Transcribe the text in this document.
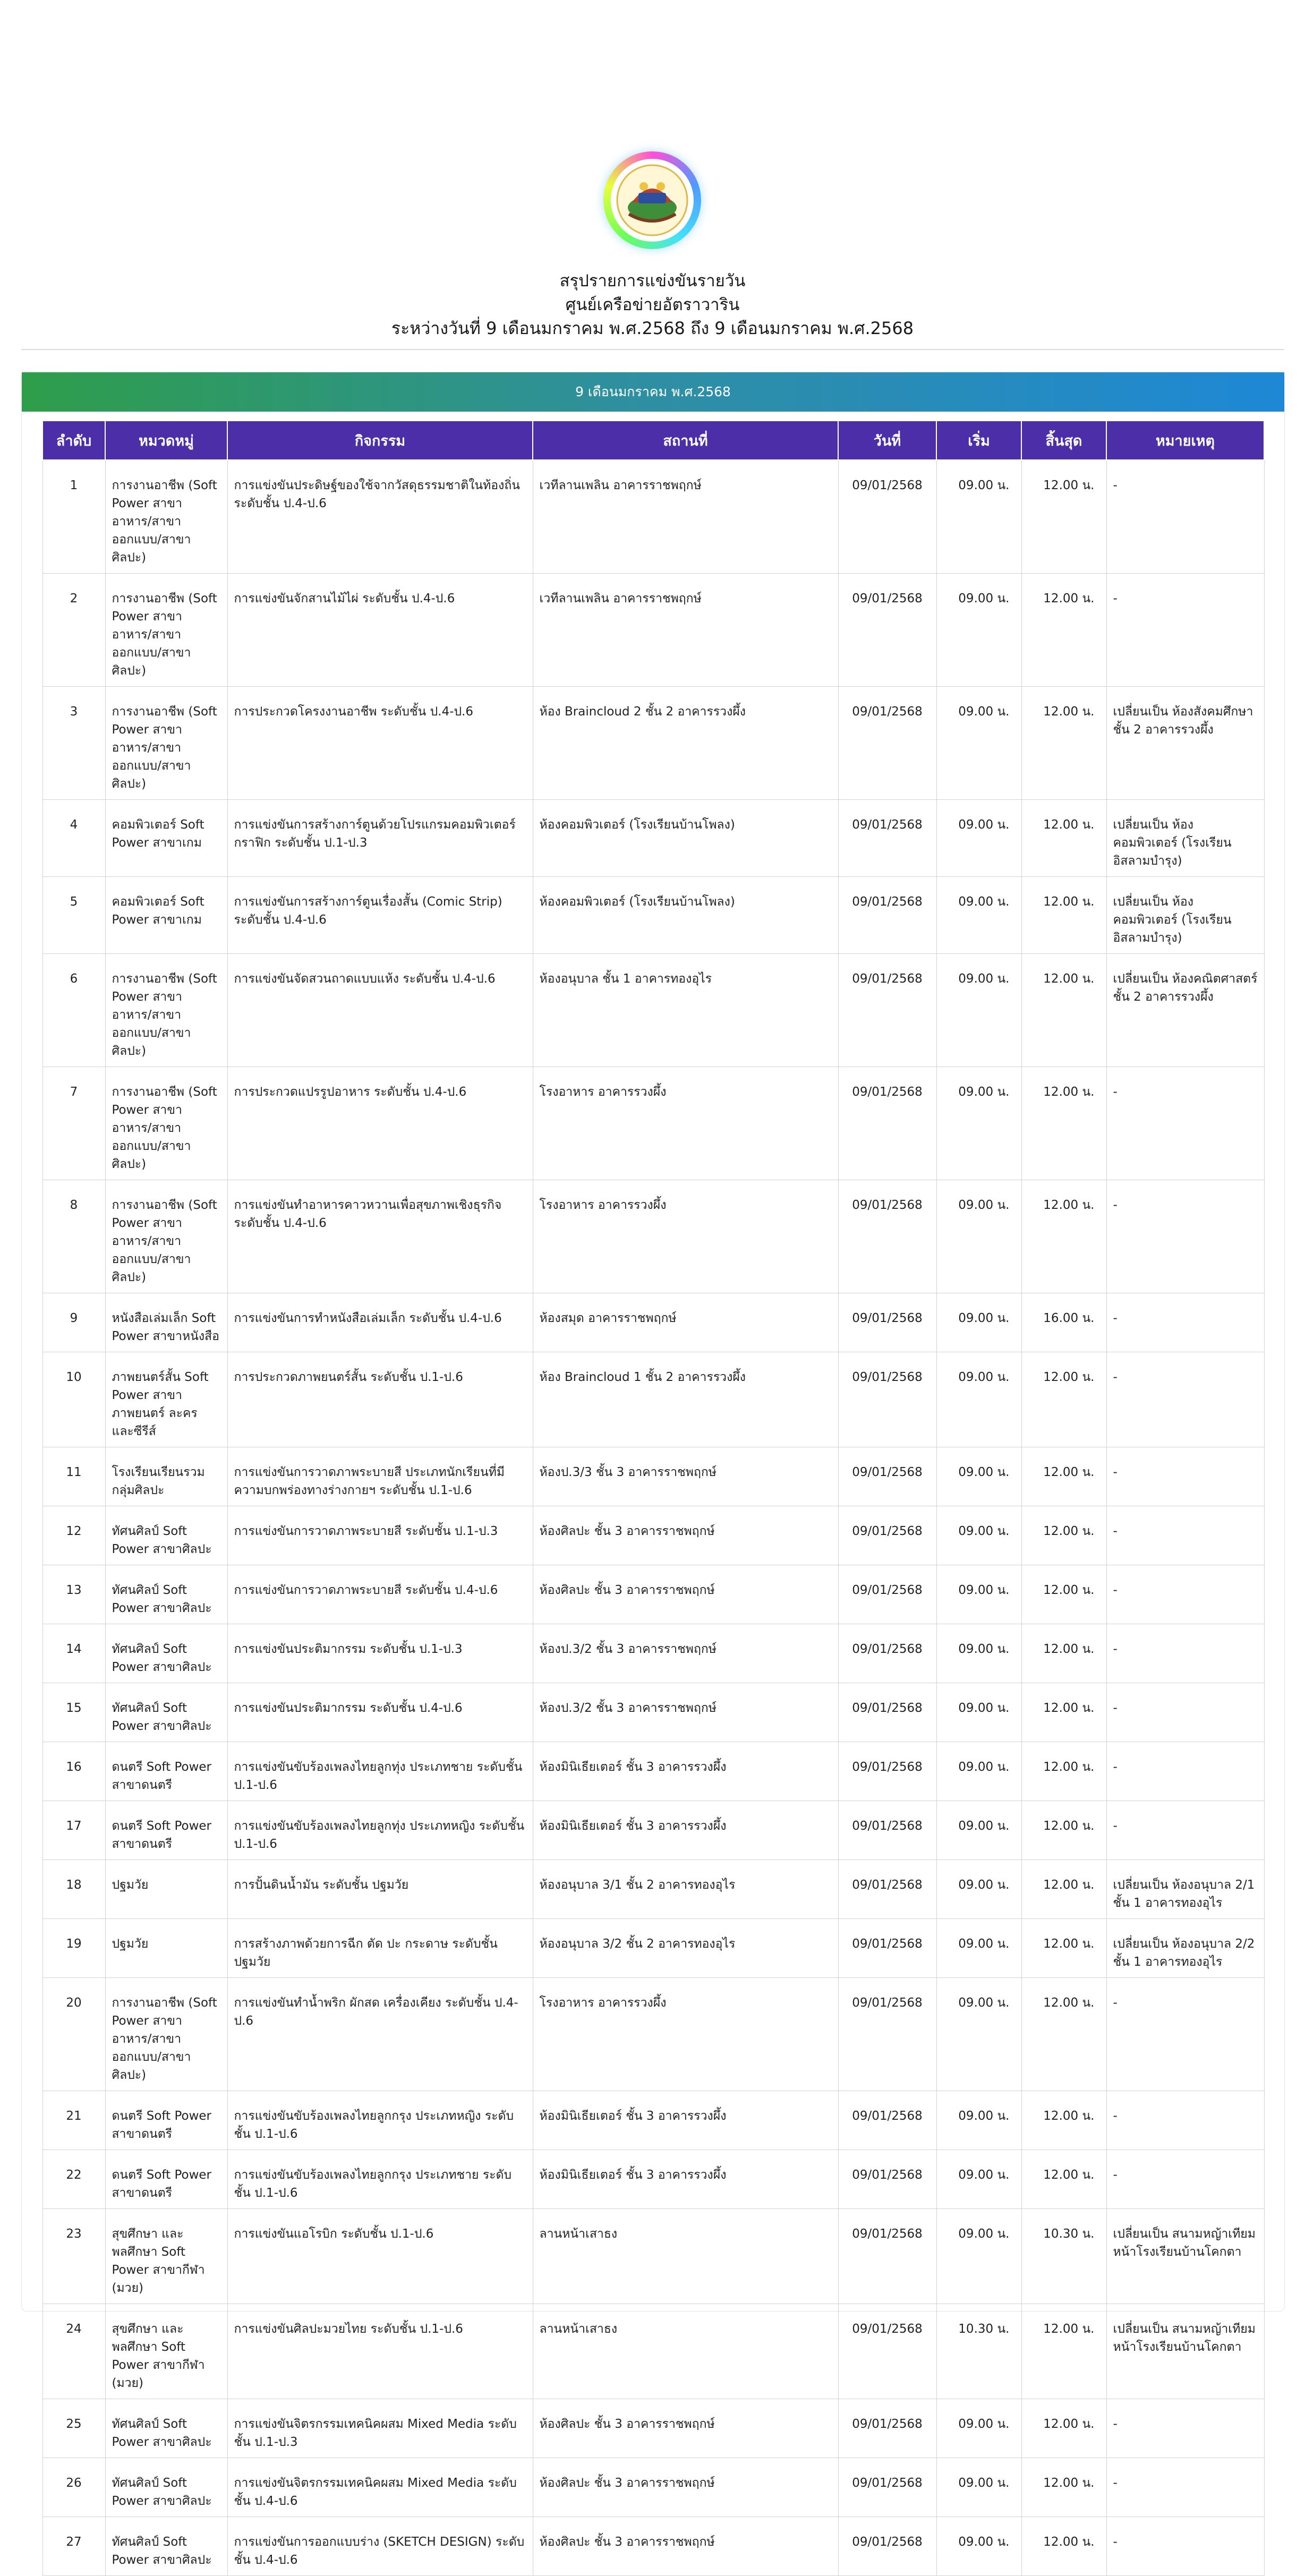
สรุปรายการแข่งขันรายวัน
ศูนย์เครือข่ายอัตราวาริน
ระหว่างวันที่ 9 เดือนมกราคม พ.ศ.2568 ถึง 9 เดือนมกราคม พ.ศ.2568
9 เดือนมกราคม พ.ศ.2568
ลำดับ	หมวดหมู่	กิจกรรม	สถานที่	วันที่	เริ่ม	สิ้นสุด	หมายเหตุ
1	การงานอาชีพ (Soft Power สาขาอาหาร/สาขาออกแบบ/สาขาศิลปะ)	การแข่งขันประดิษฐ์ของใช้จากวัสดุธรรมชาติในท้องถิ่น ระดับชั้น ป.4-ป.6	เวทีลานเพลิน อาคารราชพฤกษ์	09/01/2568	09.00 น.	12.00 น.	-
2	การงานอาชีพ (Soft Power สาขาอาหาร/สาขาออกแบบ/สาขาศิลปะ)	การแข่งขันจักสานไม้ไผ่ ระดับชั้น ป.4-ป.6	เวทีลานเพลิน อาคารราชพฤกษ์	09/01/2568	09.00 น.	12.00 น.	-
3	การงานอาชีพ (Soft Power สาขาอาหาร/สาขาออกแบบ/สาขาศิลปะ)	การประกวดโครงงานอาชีพ ระดับชั้น ป.4-ป.6	ห้อง Braincloud 2 ชั้น 2 อาคารรวงผึ้ง	09/01/2568	09.00 น.	12.00 น.	เปลี่ยนเป็น ห้องสังคมศึกษา ชั้น 2 อาคารรวงผึ้ง
4	คอมพิวเตอร์ Soft Power สาขาเกม	การแข่งขันการสร้างการ์ตูนด้วยโปรแกรมคอมพิวเตอร์กราฟิก ระดับชั้น ป.1-ป.3	ห้องคอมพิวเตอร์ (โรงเรียนบ้านโพลง)	09/01/2568	09.00 น.	12.00 น.	เปลี่ยนเป็น ห้องคอมพิวเตอร์ (โรงเรียนอิสลามบำรุง)
5	คอมพิวเตอร์ Soft Power สาขาเกม	การแข่งขันการสร้างการ์ตูนเรื่องสั้น (Comic Strip) ระดับชั้น ป.4-ป.6	ห้องคอมพิวเตอร์ (โรงเรียนบ้านโพลง)	09/01/2568	09.00 น.	12.00 น.	เปลี่ยนเป็น ห้องคอมพิวเตอร์ (โรงเรียนอิสลามบำรุง)
6	การงานอาชีพ (Soft Power สาขาอาหาร/สาขาออกแบบ/สาขาศิลปะ)	การแข่งขันจัดสวนถาดแบบแห้ง ระดับชั้น ป.4-ป.6	ห้องอนุบาล ชั้น 1 อาคารทองอุไร	09/01/2568	09.00 น.	12.00 น.	เปลี่ยนเป็น ห้องคณิตศาสตร์ ชั้น 2 อาคารรวงผึ้ง
7	การงานอาชีพ (Soft Power สาขาอาหาร/สาขาออกแบบ/สาขาศิลปะ)	การประกวดแปรรูปอาหาร ระดับชั้น ป.4-ป.6	โรงอาหาร อาคารรวงผึ้ง	09/01/2568	09.00 น.	12.00 น.	-
8	การงานอาชีพ (Soft Power สาขาอาหาร/สาขาออกแบบ/สาขาศิลปะ)	การแข่งขันทำอาหารคาวหวานเพื่อสุขภาพเชิงธุรกิจ ระดับชั้น ป.4-ป.6	โรงอาหาร อาคารรวงผึ้ง	09/01/2568	09.00 น.	12.00 น.	-
9	หนังสือเล่มเล็ก Soft Power สาขาหนังสือ	การแข่งขันการทำหนังสือเล่มเล็ก ระดับชั้น ป.4-ป.6	ห้องสมุด อาคารราชพฤกษ์	09/01/2568	09.00 น.	16.00 น.	-
10	ภาพยนตร์สั้น Soft Power สาขาภาพยนตร์ ละคร และซีรีส์	การประกวดภาพยนตร์สั้น ระดับชั้น ป.1-ป.6	ห้อง Braincloud 1 ชั้น 2 อาคารรวงผึ้ง	09/01/2568	09.00 น.	12.00 น.	-
11	โรงเรียนเรียนรวม กลุ่มศิลปะ	การแข่งขันการวาดภาพระบายสี ประเภทนักเรียนที่มีความบกพร่องทางร่างกายฯ ระดับชั้น ป.1-ป.6	ห้องป.3/3 ชั้น 3 อาคารราชพฤกษ์	09/01/2568	09.00 น.	12.00 น.	-
12	ทัศนศิลป์ Soft Power สาขาศิลปะ	การแข่งขันการวาดภาพระบายสี ระดับชั้น ป.1-ป.3	ห้องศิลปะ ชั้น 3 อาคารราชพฤกษ์	09/01/2568	09.00 น.	12.00 น.	-
13	ทัศนศิลป์ Soft Power สาขาศิลปะ	การแข่งขันการวาดภาพระบายสี ระดับชั้น ป.4-ป.6	ห้องศิลปะ ชั้น 3 อาคารราชพฤกษ์	09/01/2568	09.00 น.	12.00 น.	-
14	ทัศนศิลป์ Soft Power สาขาศิลปะ	การแข่งขันประติมากรรม ระดับชั้น ป.1-ป.3	ห้องป.3/2 ชั้น 3 อาคารราชพฤกษ์	09/01/2568	09.00 น.	12.00 น.	-
15	ทัศนศิลป์ Soft Power สาขาศิลปะ	การแข่งขันประติมากรรม ระดับชั้น ป.4-ป.6	ห้องป.3/2 ชั้น 3 อาคารราชพฤกษ์	09/01/2568	09.00 น.	12.00 น.	-
16	ดนตรี Soft Power สาขาดนตรี	การแข่งขันขับร้องเพลงไทยลูกทุ่ง ประเภทชาย ระดับชั้น ป.1-ป.6	ห้องมินิเธียเตอร์ ชั้น 3 อาคารรวงผึ้ง	09/01/2568	09.00 น.	12.00 น.	-
17	ดนตรี Soft Power สาขาดนตรี	การแข่งขันขับร้องเพลงไทยลูกทุ่ง ประเภทหญิง ระดับชั้น ป.1-ป.6	ห้องมินิเธียเตอร์ ชั้น 3 อาคารรวงผึ้ง	09/01/2568	09.00 น.	12.00 น.	-
18	ปฐมวัย	การปั้นดินน้ำมัน ระดับชั้น ปฐมวัย	ห้องอนุบาล 3/1 ชั้น 2 อาคารทองอุไร	09/01/2568	09.00 น.	12.00 น.	เปลี่ยนเป็น ห้องอนุบาล 2/1 ชั้น 1 อาคารทองอุไร
19	ปฐมวัย	การสร้างภาพด้วยการฉีก ตัด ปะ กระดาษ ระดับชั้น ปฐมวัย	ห้องอนุบาล 3/2 ชั้น 2 อาคารทองอุไร	09/01/2568	09.00 น.	12.00 น.	เปลี่ยนเป็น ห้องอนุบาล 2/2 ชั้น 1 อาคารทองอุไร
20	การงานอาชีพ (Soft Power สาขาอาหาร/สาขาออกแบบ/สาขาศิลปะ)	การแข่งขันทำน้ำพริก ผักสด เครื่องเคียง ระดับชั้น ป.4-ป.6	โรงอาหาร อาคารรวงผึ้ง	09/01/2568	09.00 น.	12.00 น.	-
21	ดนตรี Soft Power สาขาดนตรี	การแข่งขันขับร้องเพลงไทยลูกกรุง ประเภทหญิง ระดับชั้น ป.1-ป.6	ห้องมินิเธียเตอร์ ชั้น 3 อาคารรวงผึ้ง	09/01/2568	09.00 น.	12.00 น.	-
22	ดนตรี Soft Power สาขาดนตรี	การแข่งขันขับร้องเพลงไทยลูกกรุง ประเภทชาย ระดับชั้น ป.1-ป.6	ห้องมินิเธียเตอร์ ชั้น 3 อาคารรวงผึ้ง	09/01/2568	09.00 น.	12.00 น.	-
23	สุขศึกษา และพลศึกษา Soft Power สาขากีฬา (มวย)	การแข่งขันแอโรบิก ระดับชั้น ป.1-ป.6	ลานหน้าเสาธง	09/01/2568	09.00 น.	10.30 น.	เปลี่ยนเป็น สนามหญ้าเทียม หน้าโรงเรียนบ้านโคกตา
24	สุขศึกษา และพลศึกษา Soft Power สาขากีฬา (มวย)	การแข่งขันศิลปะมวยไทย ระดับชั้น ป.1-ป.6	ลานหน้าเสาธง	09/01/2568	10.30 น.	12.00 น.	เปลี่ยนเป็น สนามหญ้าเทียม หน้าโรงเรียนบ้านโคกตา
25	ทัศนศิลป์ Soft Power สาขาศิลปะ	การแข่งขันจิตรกรรมเทคนิคผสม Mixed Media ระดับชั้น ป.1-ป.3	ห้องศิลปะ ชั้น 3 อาคารราชพฤกษ์	09/01/2568	09.00 น.	12.00 น.	-
26	ทัศนศิลป์ Soft Power สาขาศิลปะ	การแข่งขันจิตรกรรมเทคนิคผสม Mixed Media ระดับชั้น ป.4-ป.6	ห้องศิลปะ ชั้น 3 อาคารราชพฤกษ์	09/01/2568	09.00 น.	12.00 น.	-
27	ทัศนศิลป์ Soft Power สาขาศิลปะ	การแข่งขันการออกแบบร่าง (SKETCH DESIGN) ระดับชั้น ป.4-ป.6	ห้องศิลปะ ชั้น 3 อาคารราชพฤกษ์	09/01/2568	09.00 น.	12.00 น.	-
